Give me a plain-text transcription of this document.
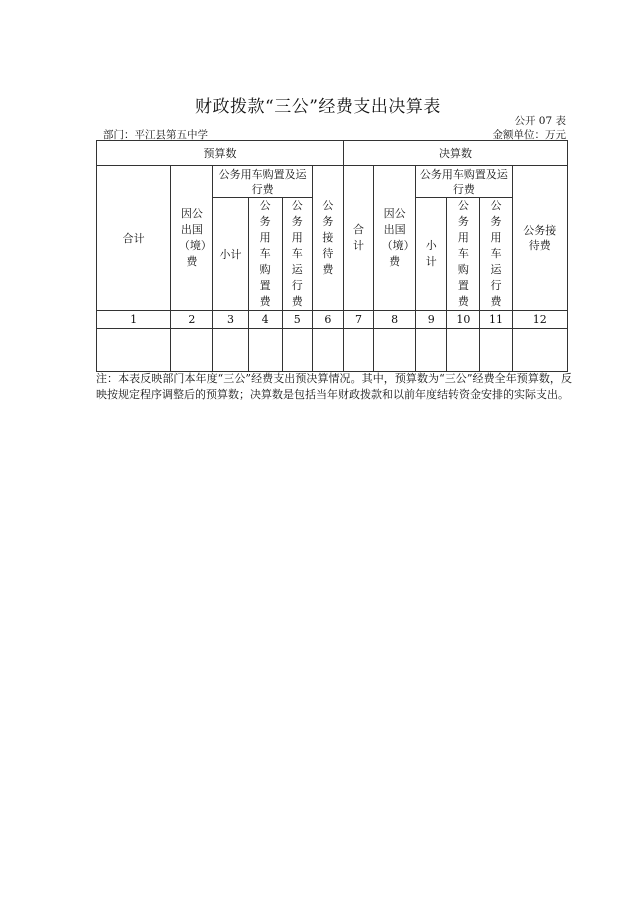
财政拨款“三公”经费支出决算表
公开 07 表
部门：平江县第五中学	金额单位：万元
预算数						决算数					
合计	因公出国（境）费	公务用车购置及运行费			公务接待费	合计	因公出国（境）费	公务用车购置及运行费			公务接待费
		小计	公务用车购置费	公务用车运行费				小计	公务用车购置费	公务用车运行费	
1	2	3	4	5	6	7	8	9	10	11	12

注：本表反映部门本年度“三公”经费支出预决算情况。其中，预算数为“三公”经费全年预算数，反映按规定程序调整后的预算数；决算数是包括当年财政拨款和以前年度结转资金安排的实际支出。
